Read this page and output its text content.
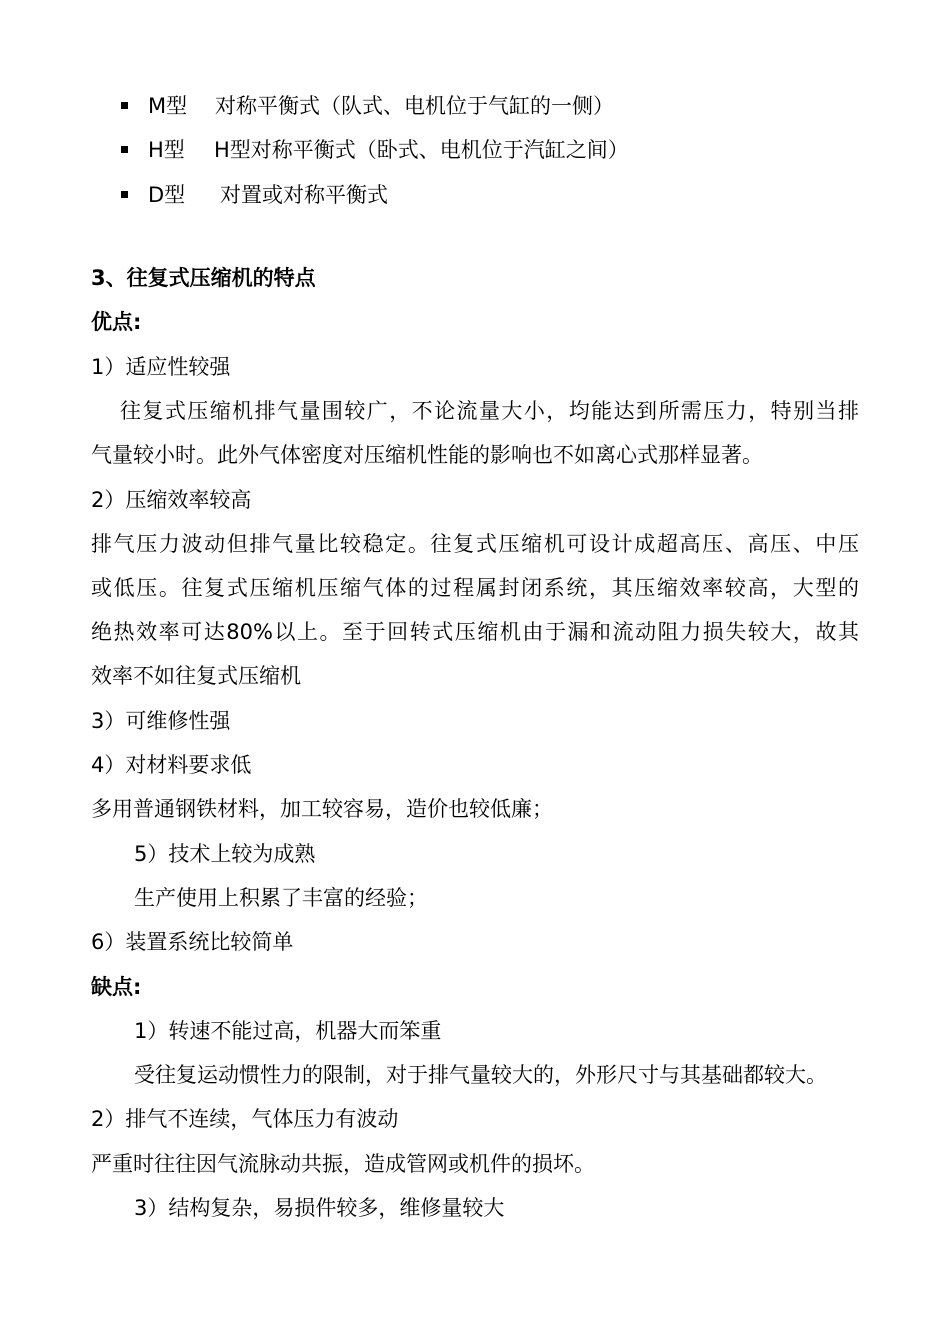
M型 对称平衡式（队式、电机位于气缸的一侧）
H型 H型对称平衡式（卧式、电机位于汽缸之间）
D型 对置或对称平衡式
3、往复式压缩机的特点
优点:
1）适应性较强
往复式压缩机排气量围较广，不论流量大小，均能达到所需压力，特别当排
气量较小时。此外气体密度对压缩机性能的影响也不如离心式那样显著。
2）压缩效率较高
排气压力波动但排气量比较稳定。往复式压缩机可设计成超高压、高压、中压
或低压。往复式压缩机压缩气体的过程属封闭系统，其压缩效率较高，大型的
绝热效率可达80%以上。至于回转式压缩机由于漏和流动阻力损失较大，故其
效率不如往复式压缩机
3）可维修性强
4）对材料要求低
多用普通钢铁材料，加工较容易，造价也较低廉；
5）技术上较为成熟
生产使用上积累了丰富的经验；
6）装置系统比较简单
缺点:
1）转速不能过高，机器大而笨重
受往复运动惯性力的限制，对于排气量较大的，外形尺寸与其基础都较大。
2）排气不连续，气体压力有波动
严重时往往因气流脉动共振，造成管网或机件的损坏。
3）结构复杂，易损件较多，维修量较大
